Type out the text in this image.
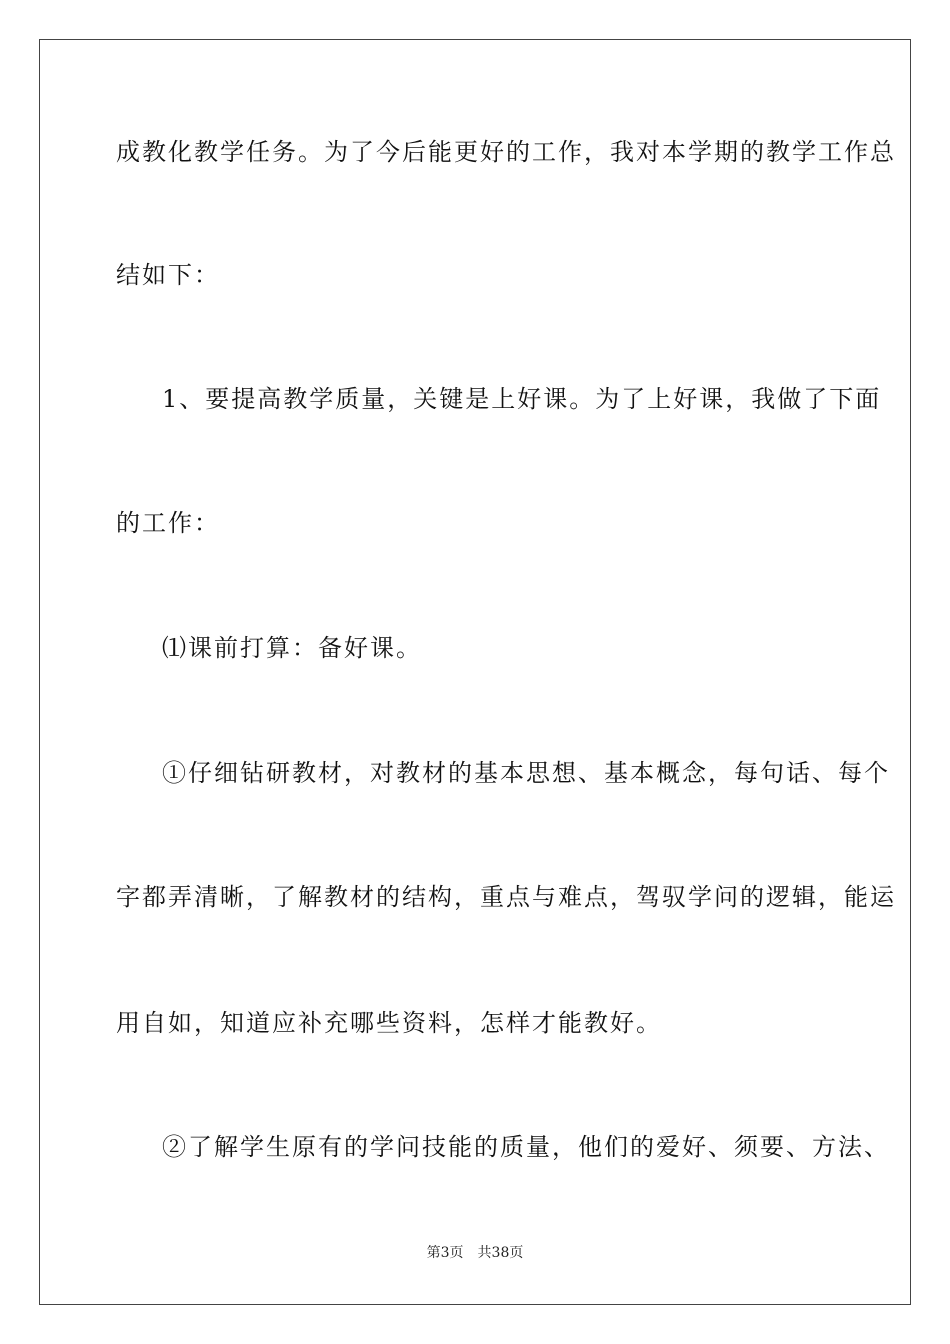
成教化教学任务。为了今后能更好的工作，我对本学期的教学工作总
结如下：
1、要提高教学质量，关键是上好课。为了上好课，我做了下面
的工作：
⑴课前打算：备好课。
①仔细钻研教材，对教材的基本思想、基本概念，每句话、每个
字都弄清晰，了解教材的结构，重点与难点，驾驭学问的逻辑，能运
用自如，知道应补充哪些资料，怎样才能教好。
②了解学生原有的学问技能的质量，他们的爱好、须要、方法、
第3页 共38页
